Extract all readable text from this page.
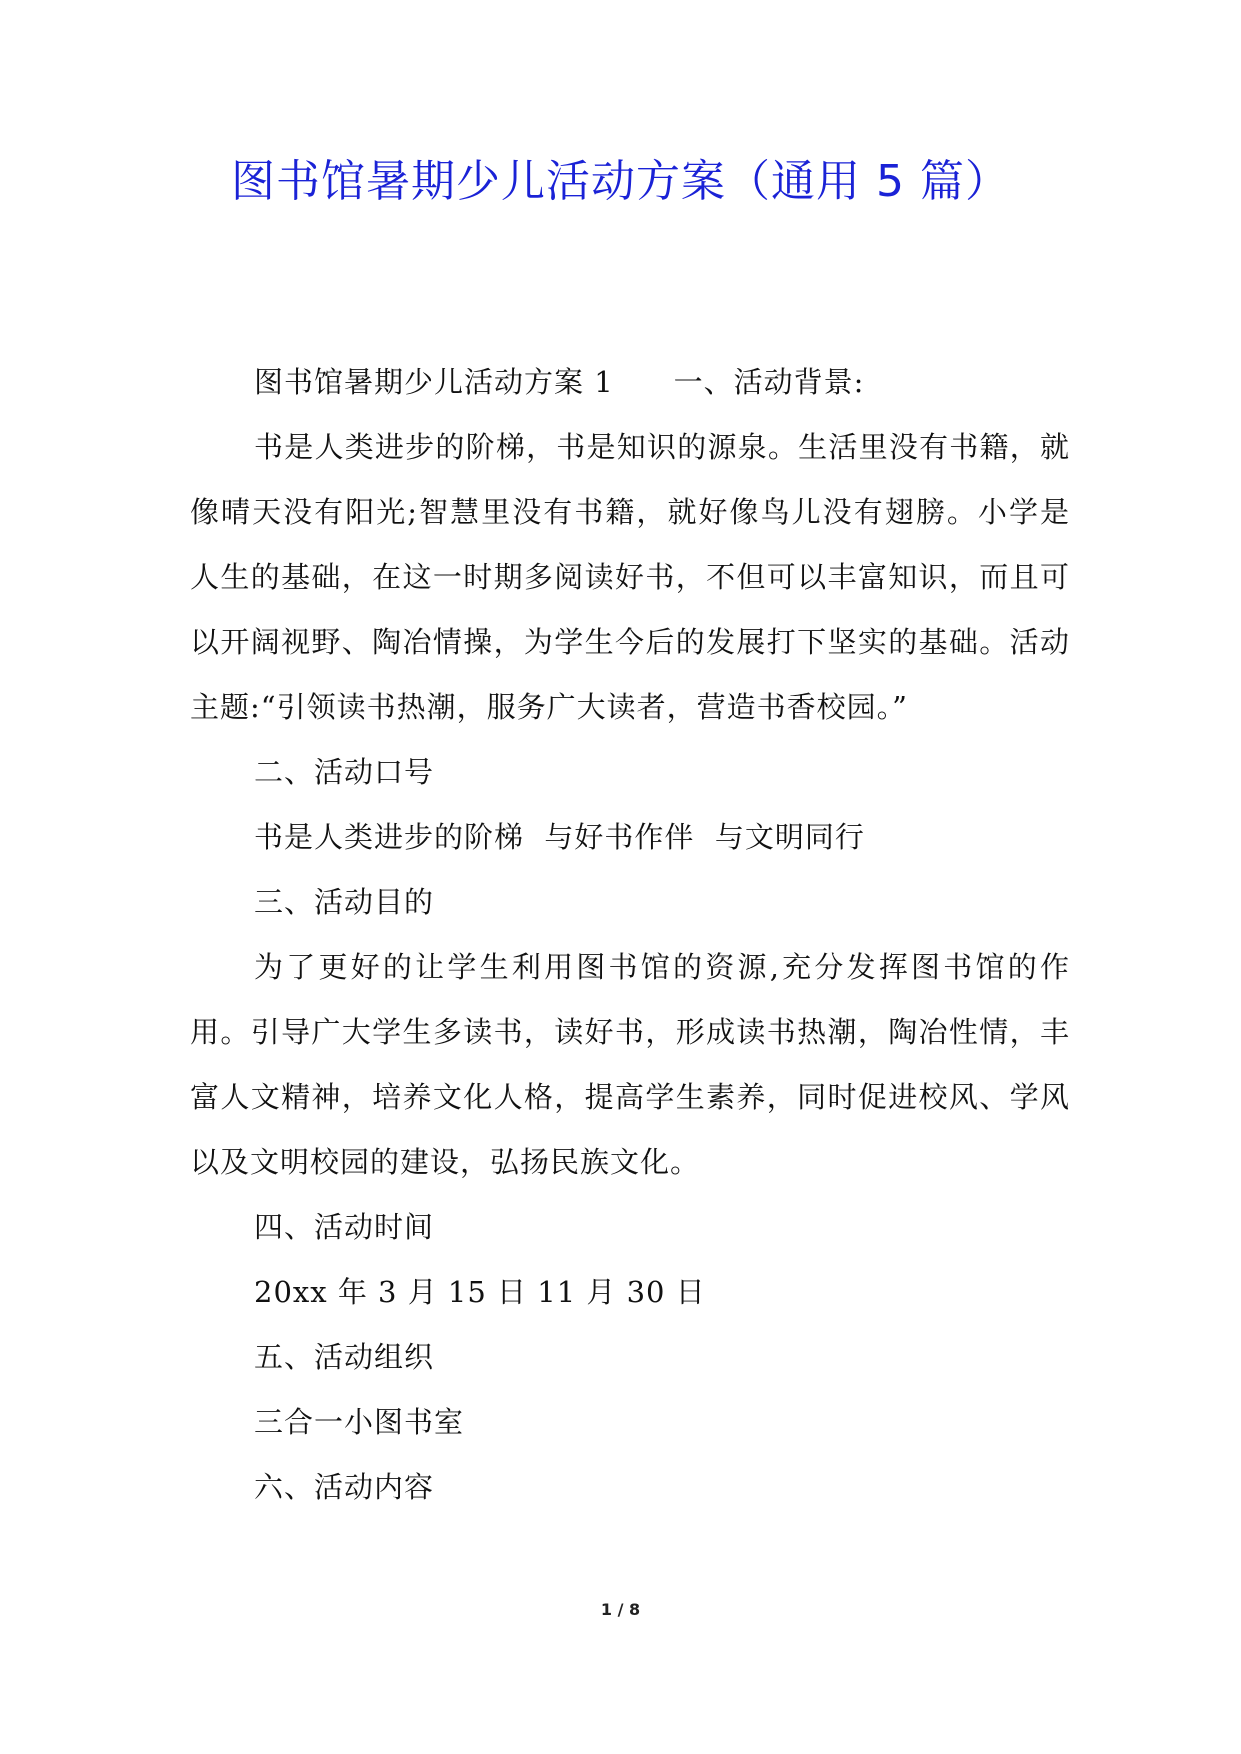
图书馆暑期少儿活动方案（通用 5 篇）

图书馆暑期少儿活动方案 1 一、活动背景:

书是人类进步的阶梯，书是知识的源泉。生活里没有书籍，就像晴天没有阳光;智慧里没有书籍，就好像鸟儿没有翅膀。小学是人生的基础，在这一时期多阅读好书，不但可以丰富知识，而且可以开阔视野、陶冶情操，为学生今后的发展打下坚实的基础。活动主题:“引领读书热潮，服务广大读者，营造书香校园。”

二、活动口号

书是人类进步的阶梯  与好书作伴  与文明同行

三、活动目的

为了更好的让学生利用图书馆的资源,充分发挥图书馆的作用。引导广大学生多读书，读好书，形成读书热潮，陶冶性情，丰富人文精神，培养文化人格，提高学生素养，同时促进校风、学风以及文明校园的建设，弘扬民族文化。

四、活动时间

20xx 年 3 月 15 日 11 月 30 日

五、活动组织

三合一小图书室

六、活动内容

1 / 8
